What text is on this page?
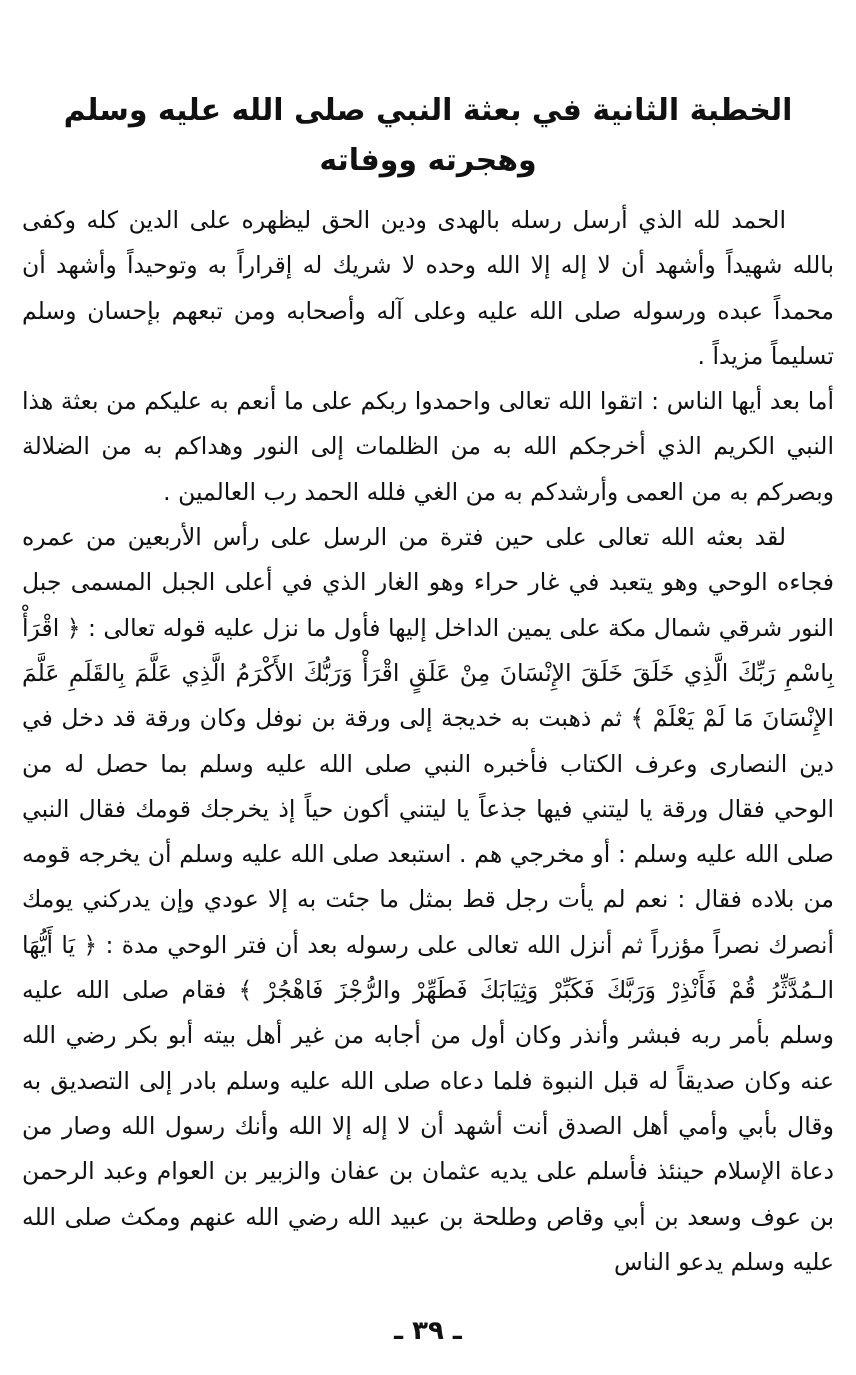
الخطبة الثانية في بعثة النبي صلى الله عليه وسلم
وهجرته ووفاته

الحمد لله الذي أرسل رسله بالهدى ودين الحق ليظهره على الدين كله وكفى بالله شهيداً وأشهد أن لا إله إلا الله وحده لا شريك له إقراراً به وتوحيداً وأشهد أن محمداً عبده ورسوله صلى الله عليه وعلى آله وأصحابه ومن تبعهم بإحسان وسلم تسليماً مزيداً .

أما بعد أيها الناس : اتقوا الله تعالى واحمدوا ربكم على ما أنعم به عليكم من بعثة هذا النبي الكريم الذي أخرجكم الله به من الظلمات إلى النور وهداكم به من الضلالة وبصركم به من العمى وأرشدكم به من الغي فلله الحمد رب العالمين .

لقد بعثه الله تعالى على حين فترة من الرسل على رأس الأربعين من عمره فجاءه الوحي وهو يتعبد في غار حراء وهو الغار الذي في أعلى الجبل المسمى جبل النور شرقي شمال مكة على يمين الداخل إليها فأول ما نزل عليه قوله تعالى : ﴿ اقْرَأْ بِاسْمِ رَبِّكَ الَّذِي خَلَقَ خَلَقَ الإِنْسَانَ مِنْ عَلَقٍ اقْرَأْ وَرَبُّكَ الأَكْرَمُ الَّذِي عَلَّمَ بِالقَلَمِ عَلَّمَ الإِنْسَانَ مَا لَمْ يَعْلَمْ ﴾ ثم ذهبت به خديجة إلى ورقة بن نوفل وكان ورقة قد دخل في دين النصارى وعرف الكتاب فأخبره النبي صلى الله عليه وسلم بما حصل له من الوحي فقال ورقة يا ليتني فيها جذعاً يا ليتني أكون حياً إذ يخرجك قومك فقال النبي صلى الله عليه وسلم : أو مخرجي هم . استبعد صلى الله عليه وسلم أن يخرجه قومه من بلاده فقال : نعم لم يأت رجل قط بمثل ما جئت به إلا عودي وإن يدركني يومك أنصرك نصراً مؤزراً ثم أنزل الله تعالى على رسوله بعد أن فتر الوحي مدة : ﴿ يَا أَيُّهَا الـمُدَّثِّرُ قُمْ فَأَنْذِرْ وَرَبَّكَ فَكَبِّرْ وَثِيَابَكَ فَطَهِّرْ والرُّجْزَ فَاهْجُرْ ﴾ فقام صلى الله عليه وسلم بأمر ربه فبشر وأنذر وكان أول من أجابه من غير أهل بيته أبو بكر رضي الله عنه وكان صديقاً له قبل النبوة فلما دعاه صلى الله عليه وسلم بادر إلى التصديق به وقال بأبي وأمي أهل الصدق أنت أشهد أن لا إله إلا الله وأنك رسول الله وصار من دعاة الإسلام حينئذ فأسلم على يديه عثمان بن عفان والزبير بن العوام وعبد الرحمن بن عوف وسعد بن أبي وقاص وطلحة بن عبيد الله رضي الله عنهم ومكث صلى الله عليه وسلم يدعو الناس

ـ ٣٩ ـ
